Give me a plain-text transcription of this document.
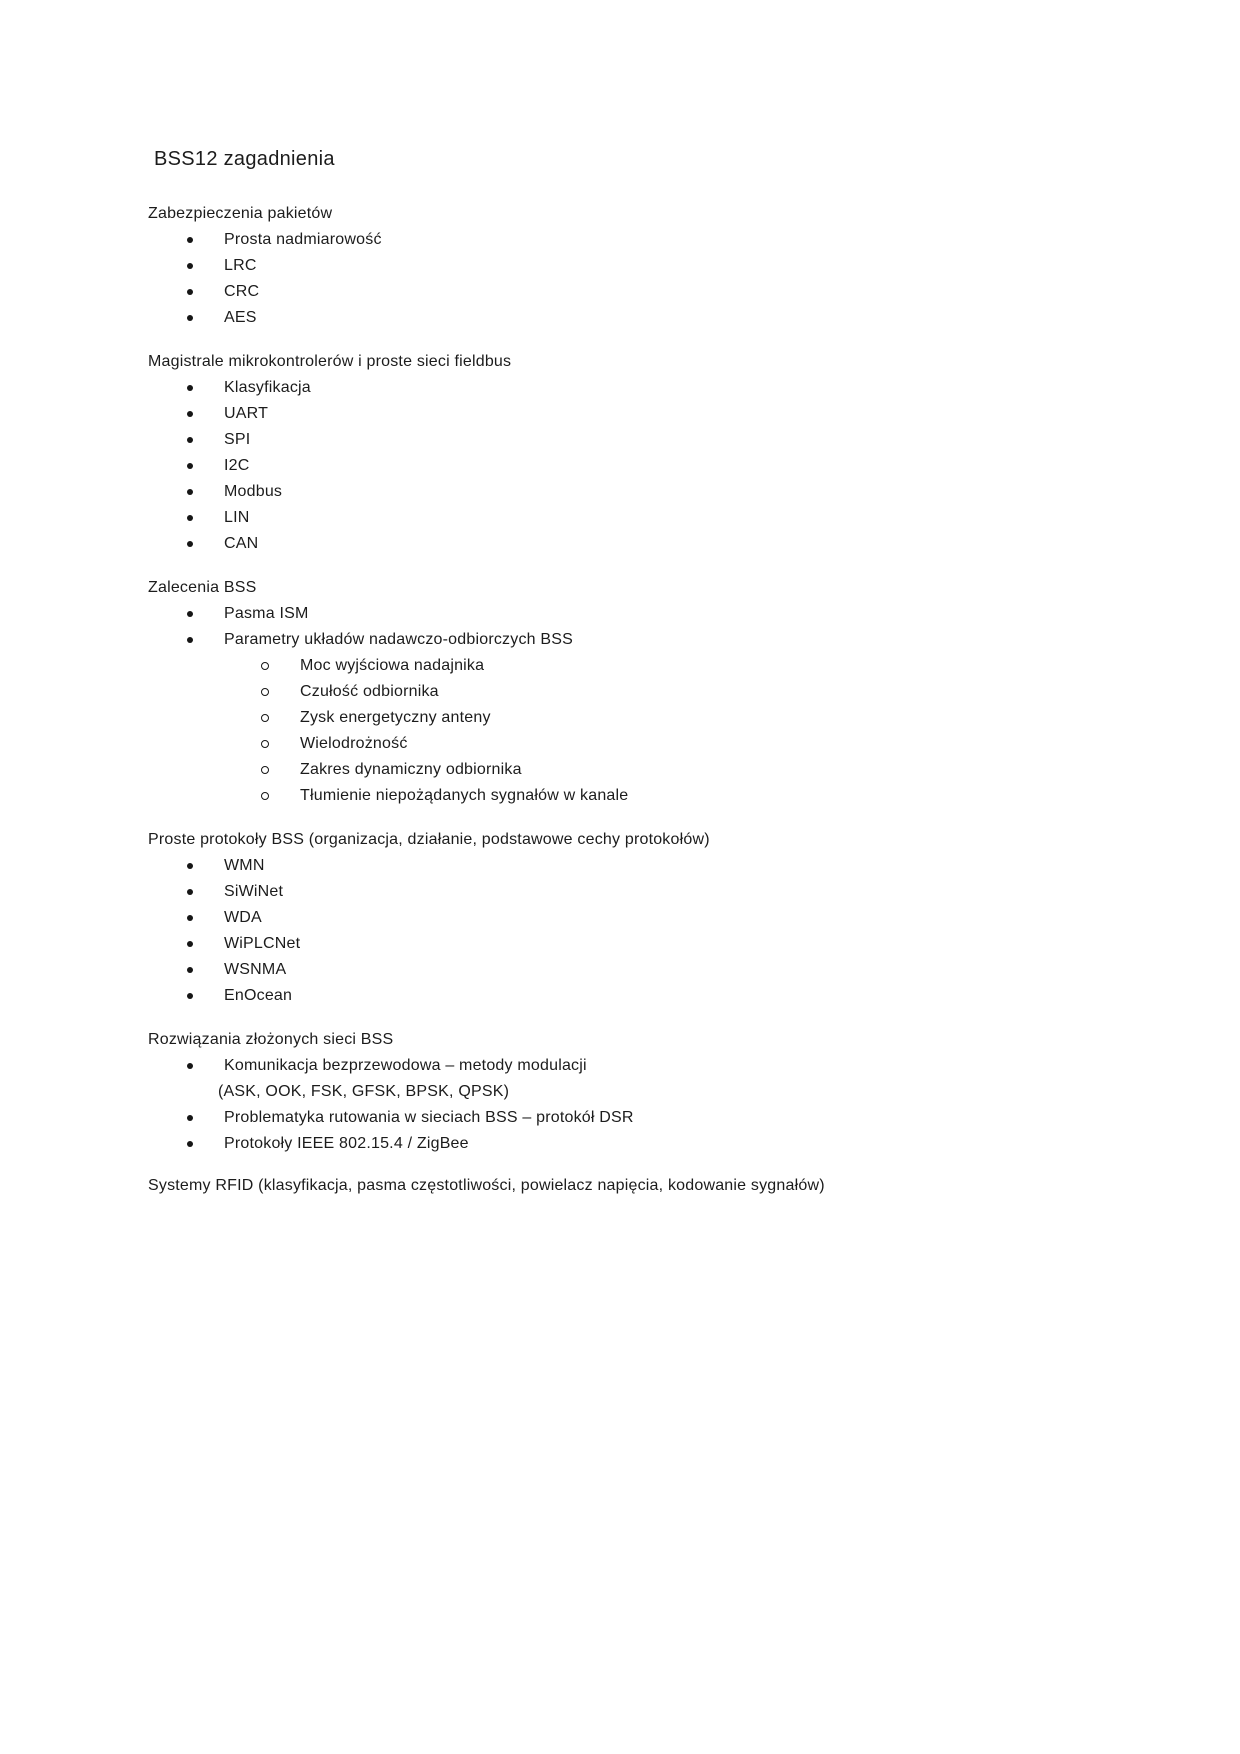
BSS12 zagadnienia

Zabezpieczenia pakietów

Prosta nadmiarowość
LRC
CRC
AES

Magistrale mikrokontrolerów i proste sieci fieldbus

Klasyfikacja
UART
SPI
I2C
Modbus
LIN
CAN

Zalecenia BSS

Pasma ISM
Parametry układów nadawczo-odbiorczych BSS
Moc wyjściowa nadajnika
Czułość odbiornika
Zysk energetyczny anteny
Wielodrożność
Zakres dynamiczny odbiornika
Tłumienie niepożądanych sygnałów w kanale

Proste protokoły BSS (organizacja, działanie, podstawowe cechy protokołów)

WMN
SiWiNet
WDA
WiPLCNet
WSNMA
EnOcean

Rozwiązania złożonych sieci BSS

Komunikacja bezprzewodowa – metody modulacji
(ASK, OOK, FSK, GFSK, BPSK, QPSK)
Problematyka rutowania w sieciach BSS – protokół DSR
Protokoły IEEE 802.15.4 / ZigBee

Systemy RFID (klasyfikacja, pasma częstotliwości, powielacz napięcia, kodowanie sygnałów)
